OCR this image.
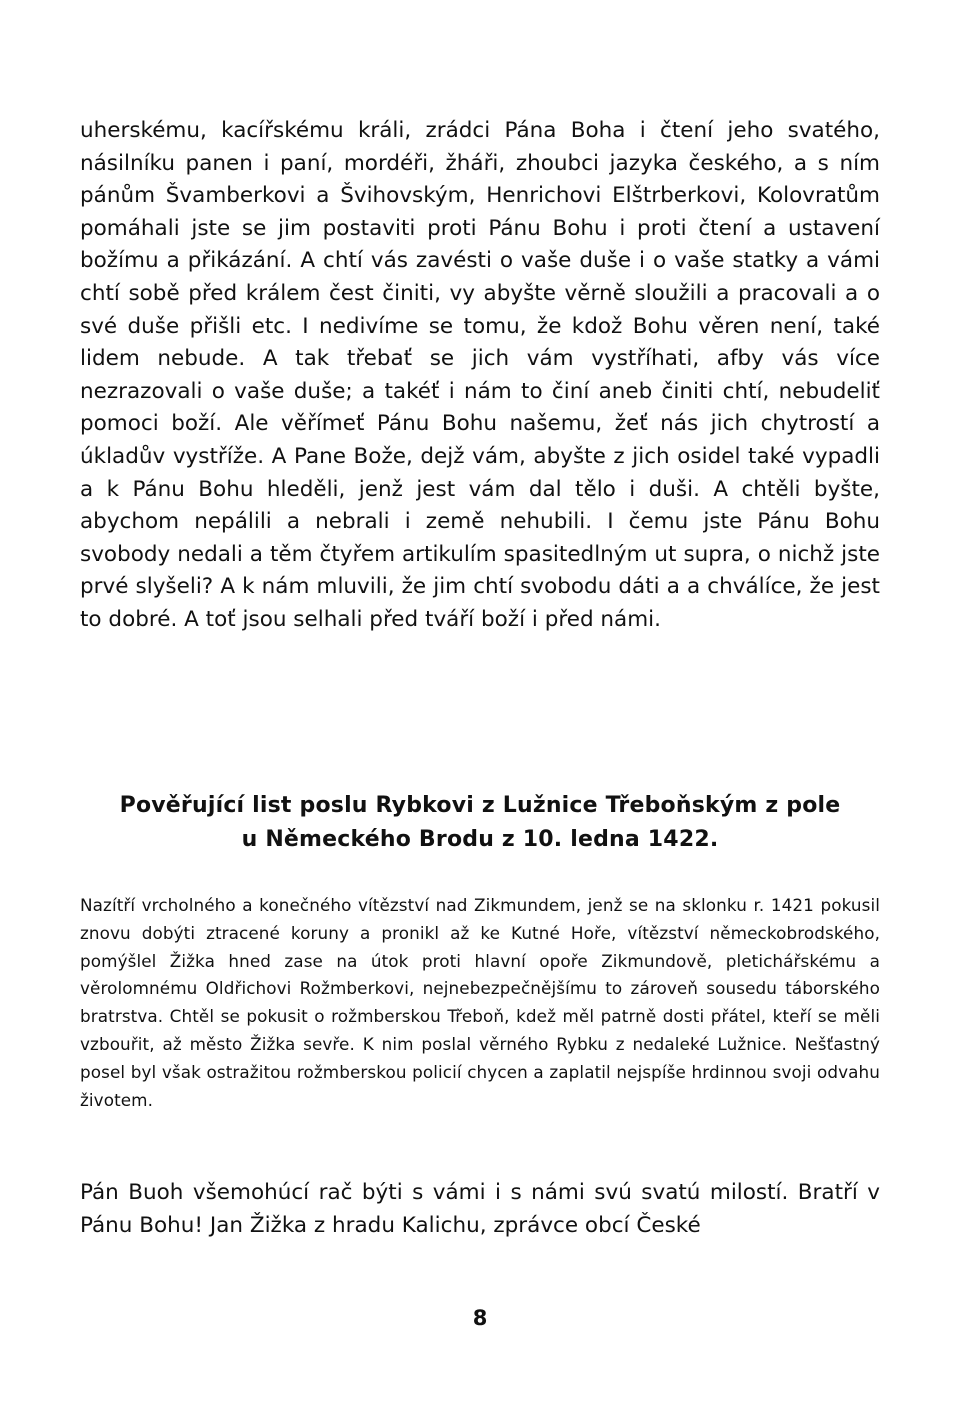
uherskému, kacířskému králi, zrádci Pána Boha i čtení jeho svatého, násilníku panen i paní, mordéři, žháři, zhoubci jazyka českého, a s ním pánům Švamberkovi a Švihovským, Henrichovi Elštrberkovi, Kolovratům pomáhali jste se jim postaviti proti Pánu Bohu i proti čtení a ustavení božímu a přikázání. A chtí vás zavésti o vaše duše i o vaše statky a vámi chtí sobě před králem čest činiti, vy abyšte věrně sloužili a pracovali a o své duše přišli etc. I nedivíme se tomu, že kdož Bohu věren není, také lidem nebude. A tak třebať se jich vám vystříhati, afby vás více nezrazovali o vaše duše; a takéť i nám to činí aneb činiti chtí, nebudeliť pomoci boží. Ale věřímeť Pánu Bohu našemu, žeť nás jich chytrostí a úkladův vystříže. A Pane Bože, dejž vám, abyšte z jich osidel také vypadli a k Pánu Bohu hleděli, jenž jest vám dal tělo i duši. A chtěli byšte, abychom nepálili a nebrali i země nehubili. I čemu jste Pánu Bohu svobody nedali a těm čtyřem artikulím spasitedlným ut supra, o nichž jste prvé slyšeli? A k nám mluvili, že jim chtí svobodu dáti a a chválíce, že jest to dobré. A toť jsou selhali před tváří boží i před námi.

Pověřující list poslu Rybkovi z Lužnice Třeboňským z pole
u Německého Brodu z 10. ledna 1422.

Nazítří vrcholného a konečného vítězství nad Zikmundem, jenž se na sklonku r. 1421 pokusil znovu dobýti ztracené koruny a pronikl až ke Kutné Hoře, vítězství německobrodského, pomýšlel Žižka hned zase na útok proti hlavní opoře Zikmundově, pletichářskému a věrolomnému Oldřichovi Rožmberkovi, nejnebezpečnějšímu to zároveň sousedu táborského bratrstva. Chtěl se pokusit o rožmberskou Třeboň, kdež měl patrně dosti přátel, kteří se měli vzbouřit, až město Žižka sevře. K nim poslal věrného Rybku z nedaleké Lužnice. Nešťastný posel byl však ostražitou rožmberskou policií chycen a zaplatil nejspíše hrdinnou svoji odvahu životem.

Pán Buoh všemohúcí rač býti s vámi i s námi svú svatú milostí. Bratří v Pánu Bohu! Jan Žižka z hradu Kalichu, zprávce obcí České

8
